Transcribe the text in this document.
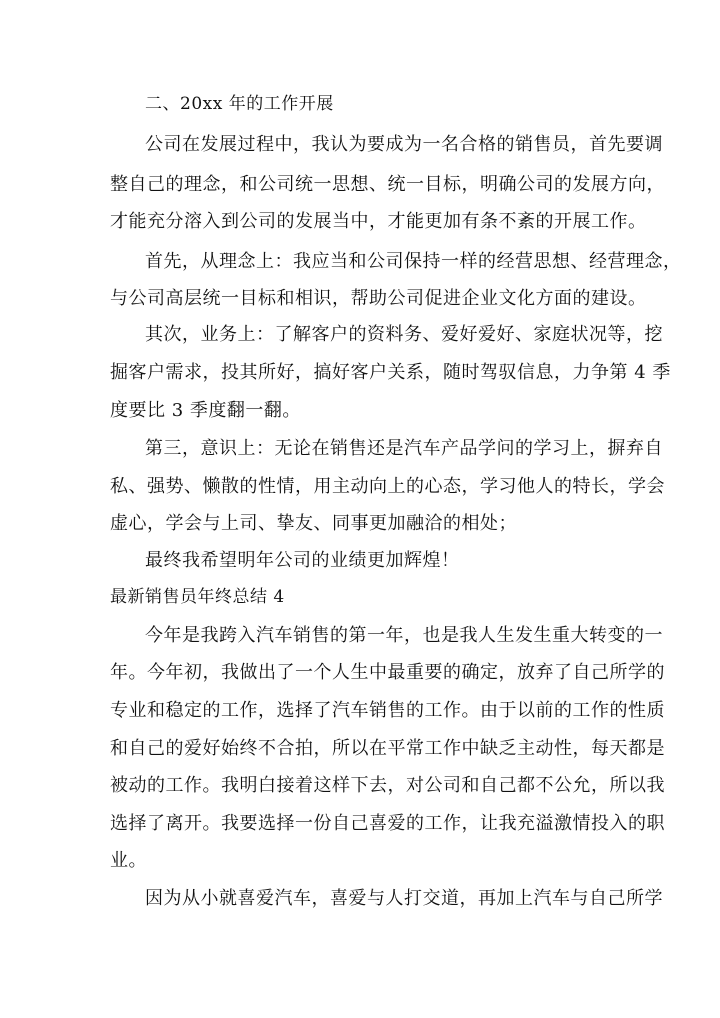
二、20xx 年的工作开展
公司在发展过程中，我认为要成为一名合格的销售员，首先要调
整自己的理念，和公司统一思想、统一目标，明确公司的发展方向，
才能充分溶入到公司的发展当中，才能更加有条不紊的开展工作。
首先，从理念上：我应当和公司保持一样的经营思想、经营理念，
与公司高层统一目标和相识，帮助公司促进企业文化方面的建设。
其次，业务上：了解客户的资料务、爱好爱好、家庭状况等，挖
掘客户需求，投其所好，搞好客户关系，随时驾驭信息，力争第 4 季
度要比 3 季度翻一翻。
第三，意识上：无论在销售还是汽车产品学问的学习上，摒弃自
私、强势、懒散的性情，用主动向上的心态，学习他人的特长，学会
虚心，学会与上司、挚友、同事更加融洽的相处；
最终我希望明年公司的业绩更加辉煌！
最新销售员年终总结 4
今年是我跨入汽车销售的第一年，也是我人生发生重大转变的一
年。今年初，我做出了一个人生中最重要的确定，放弃了自己所学的
专业和稳定的工作，选择了汽车销售的工作。由于以前的工作的性质
和自己的爱好始终不合拍，所以在平常工作中缺乏主动性，每天都是
被动的工作。我明白接着这样下去，对公司和自己都不公允，所以我
选择了离开。我要选择一份自己喜爱的工作，让我充溢激情投入的职
业。
因为从小就喜爱汽车，喜爱与人打交道，再加上汽车与自己所学
